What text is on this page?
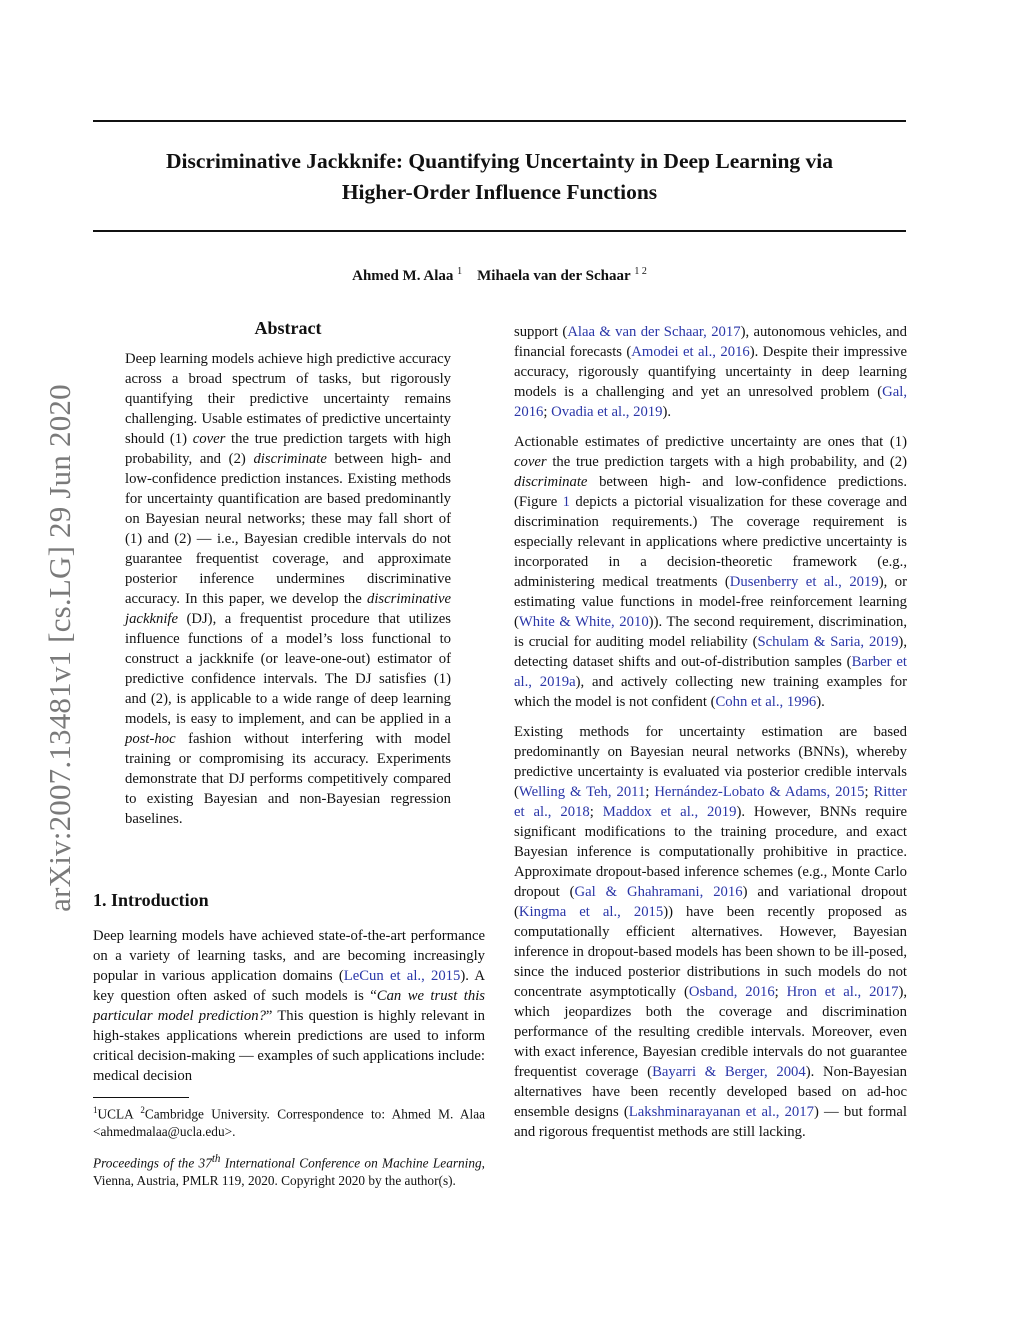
Discriminative Jackknife: Quantifying Uncertainty in Deep Learning via
Higher-Order Influence Functions
Ahmed M. Alaa $^1$ Mihaela van der Schaar $^{1 2}$
arXiv:2007.13481v1 [cs.LG] 29 Jun 2020
Abstract

Deep learning models achieve high predictive accuracy across a broad spectrum of tasks, but rigorously quantifying their predictive uncertainty remains challenging. Usable estimates of predictive uncertainty should (1) cover the true prediction targets with high probability, and (2) discriminate between high- and low-confidence prediction instances. Existing methods for uncertainty quantification are based predominantly on Bayesian neural networks; these may fall short of (1) and (2) — i.e., Bayesian credible intervals do not guarantee frequentist coverage, and approximate posterior inference undermines discriminative accuracy. In this paper, we develop the discriminative jackknife (DJ), a frequentist procedure that utilizes influence functions of a model’s loss functional to construct a jackknife (or leave-one-out) estimator of predictive confidence intervals. The DJ satisfies (1) and (2), is applicable to a wide range of deep learning models, is easy to implement, and can be applied in a post-hoc fashion without interfering with model training or compromising its accuracy. Experiments demonstrate that DJ performs competitively compared to existing Bayesian and non-Bayesian regression baselines.

1. Introduction

Deep learning models have achieved state-of-the-art performance on a variety of learning tasks, and are becoming increasingly popular in various application domains (LeCun et al., 2015). A key question often asked of such models is “Can we trust this particular model prediction?” This question is highly relevant in high-stakes applications wherein predictions are used to inform critical decision-making — examples of such applications include: medical decision

$^1$UCLA $^2$Cambridge University. Correspondence to: Ahmed M. Alaa <ahmedmalaa@ucla.edu>.

Proceedings of the 37th International Conference on Machine Learning, Vienna, Austria, PMLR 119, 2020. Copyright 2020 by the author(s).

support (Alaa & van der Schaar, 2017), autonomous vehicles, and financial forecasts (Amodei et al., 2016). Despite their impressive accuracy, rigorously quantifying uncertainty in deep learning models is a challenging and yet an unresolved problem (Gal, 2016; Ovadia et al., 2019).

Actionable estimates of predictive uncertainty are ones that (1) cover the true prediction targets with a high probability, and (2) discriminate between high- and low-confidence predictions. (Figure 1 depicts a pictorial visualization for these coverage and discrimination requirements.) The coverage requirement is especially relevant in applications where predictive uncertainty is incorporated in a decision-theoretic framework (e.g., administering medical treatments (Dusenberry et al., 2019), or estimating value functions in model-free reinforcement learning (White & White, 2010)). The second requirement, discrimination, is crucial for auditing model reliability (Schulam & Saria, 2019), detecting dataset shifts and out-of-distribution samples (Barber et al., 2019a), and actively collecting new training examples for which the model is not confident (Cohn et al., 1996).

Existing methods for uncertainty estimation are based predominantly on Bayesian neural networks (BNNs), whereby predictive uncertainty is evaluated via posterior credible intervals (Welling & Teh, 2011; Hernández-Lobato & Adams, 2015; Ritter et al., 2018; Maddox et al., 2019). However, BNNs require significant modifications to the training procedure, and exact Bayesian inference is computationally prohibitive in practice. Approximate dropout-based inference schemes (e.g., Monte Carlo dropout (Gal & Ghahramani, 2016) and variational dropout (Kingma et al., 2015)) have been recently proposed as computationally efficient alternatives. However, Bayesian inference in dropout-based models has been shown to be ill-posed, since the induced posterior distributions in such models do not concentrate asymptotically (Osband, 2016; Hron et al., 2017), which jeopardizes both the coverage and discrimination performance of the resulting credible intervals. Moreover, even with exact inference, Bayesian credible intervals do not guarantee frequentist coverage (Bayarri & Berger, 2004). Non-Bayesian alternatives have been recently developed based on ad-hoc ensemble designs (Lakshminarayanan et al., 2017) — but formal and rigorous frequentist methods are still lacking.
